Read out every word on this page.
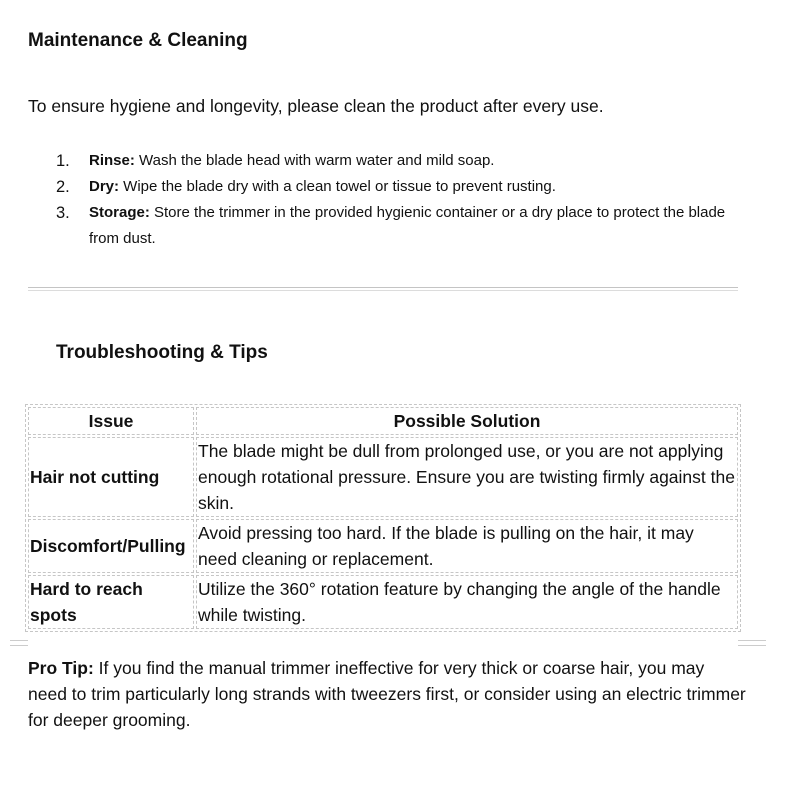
Maintenance & Cleaning
To ensure hygiene and longevity, please clean the product after every use.
1. Rinse: Wash the blade head with warm water and mild soap.
2. Dry: Wipe the blade dry with a clean towel or tissue to prevent rusting.
3. Storage: Store the trimmer in the provided hygienic container or a dry place to protect the blade from dust.
Troubleshooting & Tips
Issue	Possible Solution
Hair not cutting	The blade might be dull from prolonged use, or you are not applying enough rotational pressure. Ensure you are twisting firmly against the skin.
Discomfort/Pulling	Avoid pressing too hard. If the blade is pulling on the hair, it may need cleaning or replacement.
Hard to reach spots	Utilize the 360° rotation feature by changing the angle of the handle while twisting.

Pro Tip: If you find the manual trimmer ineffective for very thick or coarse hair, you may need to trim particularly long strands with tweezers first, or consider using an electric trimmer for deeper grooming.
